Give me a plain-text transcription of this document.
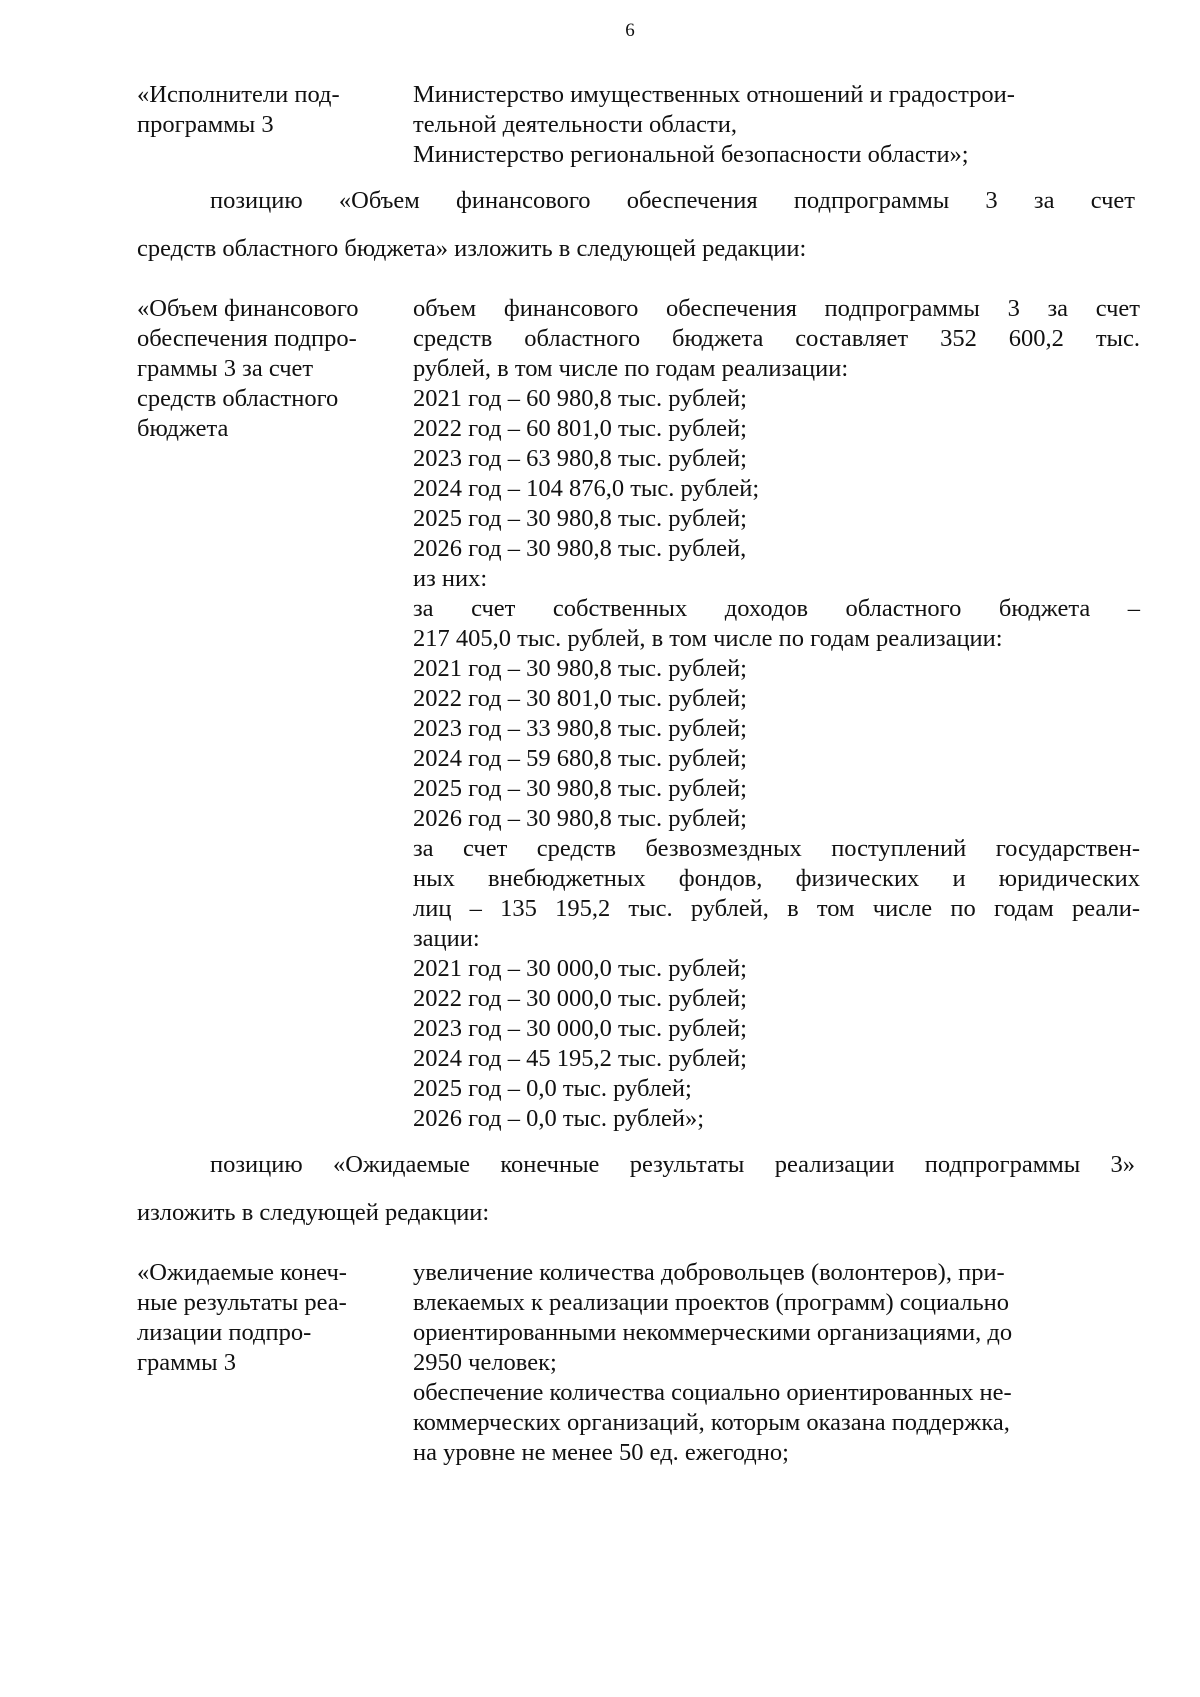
6
«Исполнители под-
программы 3
Министерство имущественных отношений и градострои-
тельной деятельности области,
Министерство региональной безопасности области»;
позицию «Объем финансового обеспечения подпрограммы 3 за счет
средств областного бюджета» изложить в следующей редакции:
«Объем финансового
обеспечения подпро-
граммы 3 за счет
средств областного
бюджета
объем финансового обеспечения подпрограммы 3 за счет
средств областного бюджета составляет 352 600,2 тыс.
рублей, в том числе по годам реализации:
2021 год – 60 980,8 тыс. рублей;
2022 год – 60 801,0 тыс. рублей;
2023 год – 63 980,8 тыс. рублей;
2024 год – 104 876,0 тыс. рублей;
2025 год – 30 980,8 тыс. рублей;
2026 год – 30 980,8 тыс. рублей,
из них:
за счет собственных доходов областного бюджета –
217 405,0 тыс. рублей, в том числе по годам реализации:
2021 год – 30 980,8 тыс. рублей;
2022 год – 30 801,0 тыс. рублей;
2023 год – 33 980,8 тыс. рублей;
2024 год – 59 680,8 тыс. рублей;
2025 год – 30 980,8 тыс. рублей;
2026 год – 30 980,8 тыс. рублей;
за счет средств безвозмездных поступлений государствен-
ных внебюджетных фондов, физических и юридических
лиц – 135 195,2 тыс. рублей, в том числе по годам реали-
зации:
2021 год – 30 000,0 тыс. рублей;
2022 год – 30 000,0 тыс. рублей;
2023 год – 30 000,0 тыс. рублей;
2024 год – 45 195,2 тыс. рублей;
2025 год – 0,0 тыс. рублей;
2026 год – 0,0 тыс. рублей»;
позицию «Ожидаемые конечные результаты реализации подпрограммы 3»
изложить в следующей редакции:
«Ожидаемые конеч-
ные результаты реа-
лизации подпро-
граммы 3
увеличение количества добровольцев (волонтеров), при-
влекаемых к реализации проектов (программ) социально
ориентированными некоммерческими организациями, до
2950 человек;
обеспечение количества социально ориентированных не-
коммерческих организаций, которым оказана поддержка,
на уровне не менее 50 ед. ежегодно;
